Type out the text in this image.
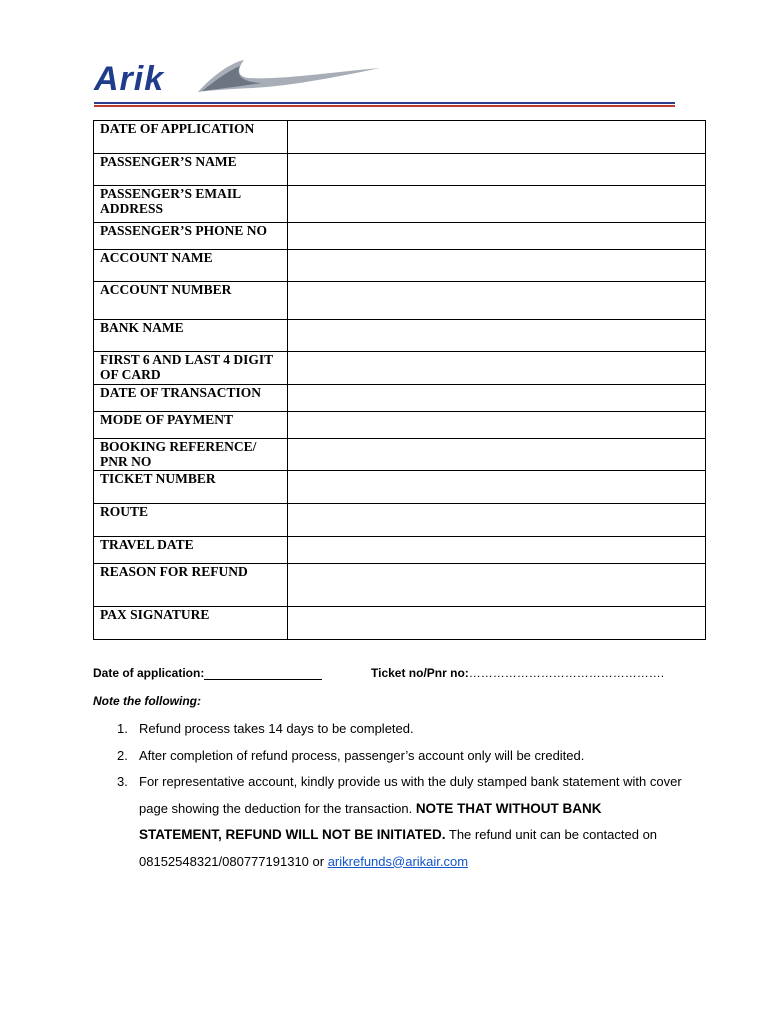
Arik
DATE OF APPLICATION	
PASSENGER’S NAME	
PASSENGER’S EMAIL ADDRESS	
PASSENGER’S PHONE NO	
ACCOUNT NAME	
ACCOUNT NUMBER	
BANK NAME	
FIRST 6 AND LAST 4 DIGIT OF CARD	
DATE OF TRANSACTION	
MODE OF PAYMENT	
BOOKING REFERENCE/ PNR NO	
TICKET NUMBER	
ROUTE	
TRAVEL DATE	
REASON FOR REFUND	
PAX SIGNATURE	
Date of application:	Ticket no/Pnr no:………………………………………….
Note the following:
1. Refund process takes 14 days to be completed.
2. After completion of refund process, passenger’s account only will be credited.
3. For representative account, kindly provide us with the duly stamped bank statement with cover page showing the deduction for the transaction. NOTE THAT WITHOUT BANK STATEMENT, REFUND WILL NOT BE INITIATED. The refund unit can be contacted on 08152548321/080777191310 or arikrefunds@arikair.com
